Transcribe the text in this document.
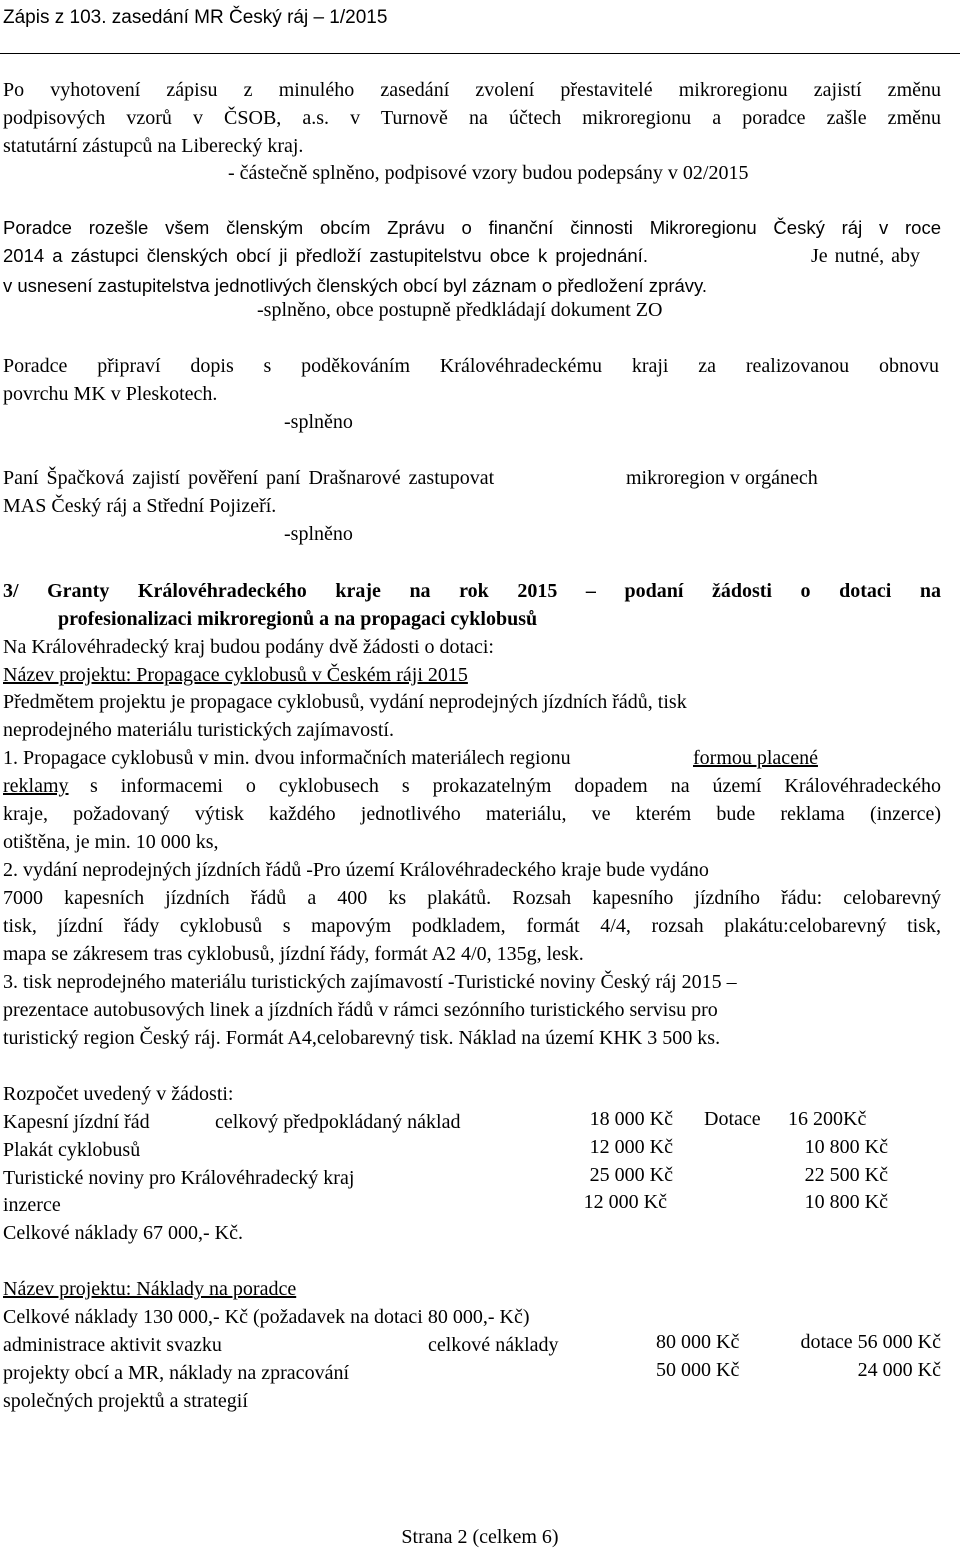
Zápis z 103. zasedání MR Český ráj – 1/2015
Po vyhotovení zápisu z minulého zasedání zvolení přestavitelé mikroregionu zajistí změnu
podpisových vzorů v ČSOB, a.s. v Turnově na účtech mikroregionu a poradce zašle změnu
statutární zástupců na Liberecký kraj.
- částečně splněno, podpisové vzory budou podepsány v 02/2015
Poradce rozešle všem členským obcím Zprávu o finanční činnosti Mikroregionu Český ráj v roce
2014 a zástupci členských obcí ji předloží zastupitelstvu obce k projednání.	Je nutné, aby
v usnesení zastupitelstva jednotlivých členských obcí byl záznam o předložení zprávy.
-splněno, obce postupně předkládají dokument ZO
Poradce připraví dopis s poděkováním Královéhradeckému kraji za realizovanou obnovu
povrchu MK v Pleskotech.
-splněno
Paní Špačková zajistí pověření paní Drašnarové zastupovat	mikroregion v orgánech
MAS Český ráj a Střední Pojizeří.
-splněno
3/ Granty Královéhradeckého kraje na rok 2015 – podaní žádosti o dotaci na
profesionalizaci mikroregionů a na propagaci cyklobusů
Na Královéhradecký kraj budou podány dvě žádosti o dotaci:
Název projektu: Propagace cyklobusů v Českém ráji 2015
Předmětem projektu je propagace cyklobusů, vydání neprodejných jízdních řádů, tisk
neprodejného materiálu turistických zajímavostí.
1. Propagace cyklobusů v min. dvou informačních materiálech regionu	formou placené
reklamy s informacemi o cyklobusech s prokazatelným dopadem na území Královéhradeckého
kraje, požadovaný výtisk každého jednotlivého materiálu, ve kterém bude reklama (inzerce)
otištěna, je min. 10 000 ks,
2. vydání neprodejných jízdních řádů -Pro území Královéhradeckého kraje bude vydáno
7000 kapesních jízdních řádů a 400 ks plakátů. Rozsah kapesního jízdního řádu: celobarevný
tisk, jízdní řády cyklobusů s mapovým podkladem, formát 4/4, rozsah plakátu:celobarevný tisk,
mapa se zákresem tras cyklobusů, jízdní řády, formát A2 4/0, 135g, lesk.
3. tisk neprodejného materiálu turistických zajímavostí -Turistické noviny Český ráj 2015 –
prezentace autobusových linek a jízdních řádů v rámci sezónního turistického servisu pro
turistický region Český ráj. Formát A4,celobarevný tisk. Náklad na území KHK 3 500 ks.
Rozpočet uvedený v žádosti:
Kapesní jízdní řád	celkový předpokládaný náklad	18 000 Kč Dotace 16 200Kč
Plakát cyklobusů	12 000 Kč	10 800 Kč
Turistické noviny pro Královéhradecký kraj	25 000 Kč	22 500 Kč
inzerce	12 000 Kč	10 800 Kč
Celkové náklady 67 000,- Kč.
Název projektu: Náklady na poradce
Celkové náklady 130 000,- Kč (požadavek na dotaci 80 000,- Kč)
administrace aktivit svazku	celkové náklady	80 000 Kč	dotace 56 000 Kč
projekty obcí a MR, náklady na zpracování	50 000 Kč	24 000 Kč
společných projektů a strategií
Strana 2 (celkem 6)
